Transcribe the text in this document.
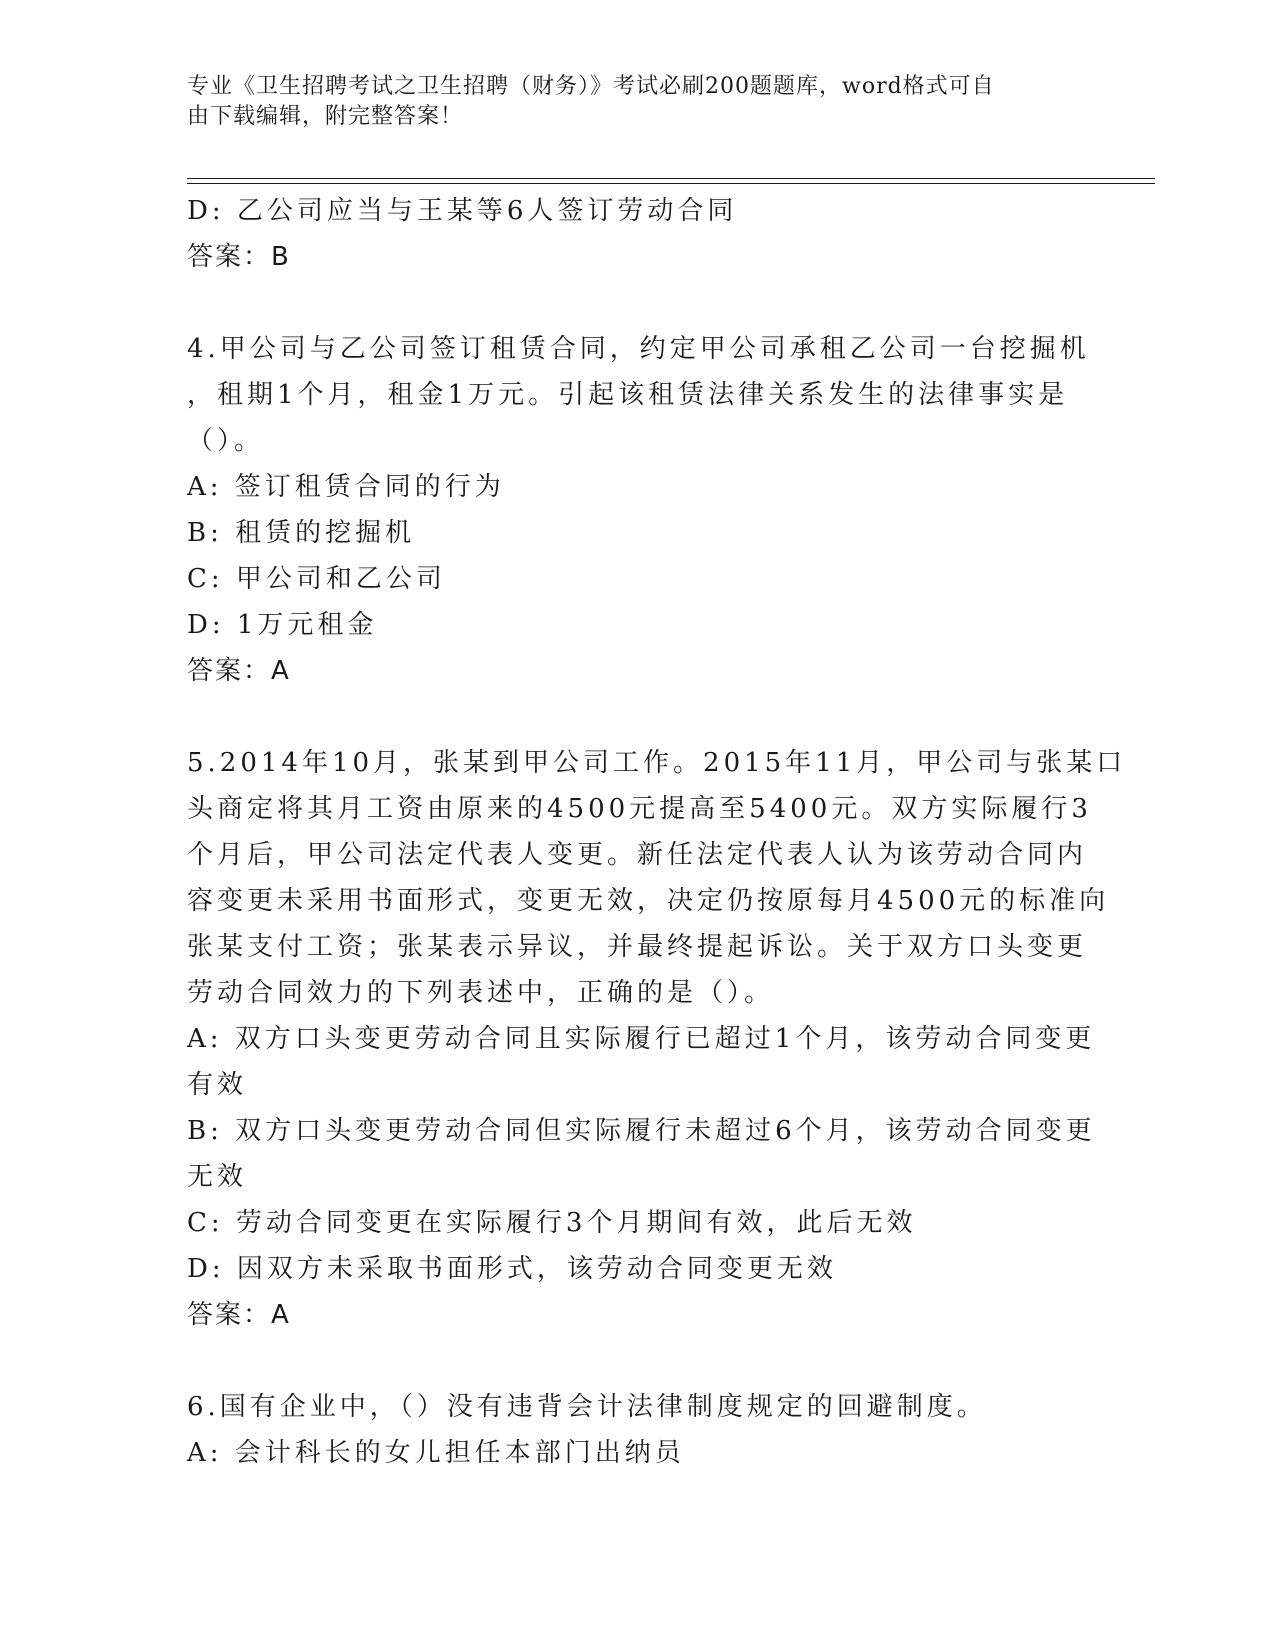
专业《卫生招聘考试之卫生招聘（财务）》考试必刷200题题库，word格式可自
由下载编辑，附完整答案！
D: 乙公司应当与王某等6人签订劳动合同
答案：B
4.甲公司与乙公司签订租赁合同，约定甲公司承租乙公司一台挖掘机
，租期1个月，租金1万元。引起该租赁法律关系发生的法律事实是
（）。
A: 签订租赁合同的行为
B: 租赁的挖掘机
C: 甲公司和乙公司
D: 1万元租金
答案：A
5.2014年10月，张某到甲公司工作。2015年11月，甲公司与张某口
头商定将其月工资由原来的4500元提高至5400元。双方实际履行3
个月后，甲公司法定代表人变更。新任法定代表人认为该劳动合同内
容变更未采用书面形式，变更无效，决定仍按原每月4500元的标准向
张某支付工资；张某表示异议，并最终提起诉讼。关于双方口头变更
劳动合同效力的下列表述中，正确的是（）。
A: 双方口头变更劳动合同且实际履行已超过1个月，该劳动合同变更
有效
B: 双方口头变更劳动合同但实际履行未超过6个月，该劳动合同变更
无效
C: 劳动合同变更在实际履行3个月期间有效，此后无效
D: 因双方未采取书面形式，该劳动合同变更无效
答案：A
6.国有企业中，（）没有违背会计法律制度规定的回避制度。
A: 会计科长的女儿担任本部门出纳员
